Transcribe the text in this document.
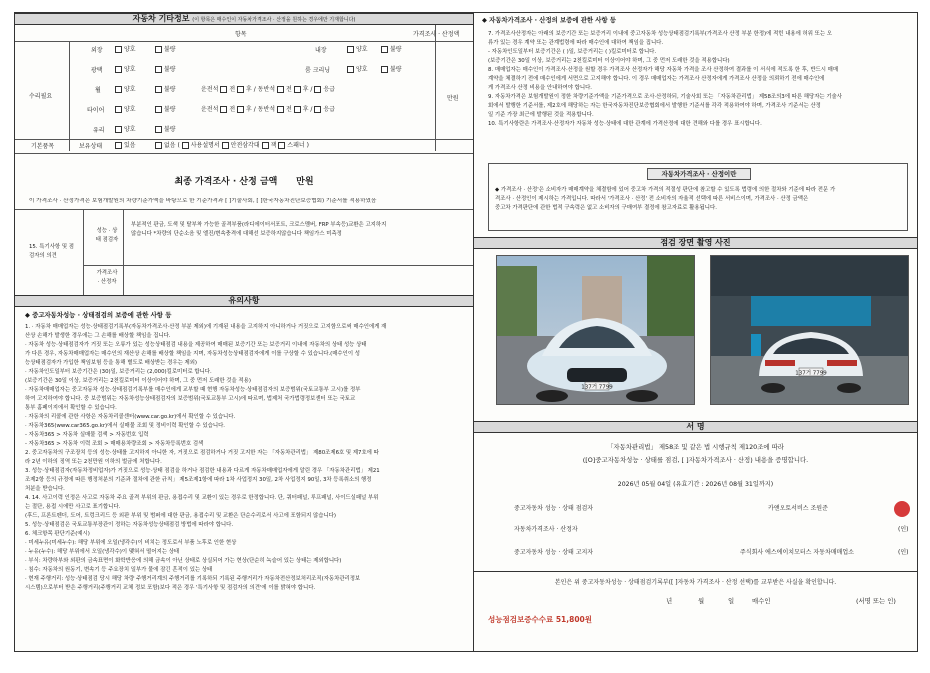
자동차 기타정보 (이 항목은 매수인이 자동차가격조사 · 산정을 원하는 경우에만 기재합니다)
항목	가격조사 · 산정액
수리필요	만원
외장	양호	불량	내장	양호	불량
광택	양호	불량	룸 크리닝	양호	불량
휠	양호	불량	운전석 전 후 / 동반석 전 후 / 응급
타이어	양호	불량	운전석 전 후 / 동반석 전 후 / 응급
유리	양호	불량
기본품목	보유상태	있음	없음 ( 사용설명서 안전삼각대 잭 스패너 )
최종 가격조사 · 산정 금액 만원
이 가격조사 · 산정가격은 보험개발원의 차량기준가액을 바탕으로 한 기준가격과 [ ]기술사회, [ ]한국자동차진단보증협회) 기준서를 적용하였음
15. 특기사항 및 점검자의 의견
성능 · 상태 점검자

부분적인 판금, 도색 및 탈부착 가능한 골격부품(라디에이터서포트, 크로스멤버, FRP 부속등)교환은 고지하지

않습니다 *차량의 단순소음 및 엘진/변속충격에 대해선 보증하지않습니다 책임가스 미측정

가격조사 · 산정자
유의사항
◆ 중고자동차성능 · 상태점검의 보증에 관한 사항 등

1. · 자동차 매매업자는 성능·상태점검기록부(자동차가격조사·산정 부분 제외)에 기재된 내용을 고지하지 아니하거나 거짓으로 고지함으로써 매수인에게 재

산상 손해가 발생한 경우에는 그 손해를 배상할 책임을 집니다.

· 자동차 성능·상태점검자가 거짓 또는 오류가 있는 성능상태점검 내용을 제공하여 매매된 보증기간 또는 보증거리 이내에 자동차의 상태 성능 상태

가 다른 경우, 자동차매매업자는 매수인의 재산상 손해를 배상할 책임을 지며, 자동차성능상태점검자에게 이를 구상할 수 있습니다.(매수인이 성

능상태점검자가 가입한 책임보험 등을 통해 별도로 배상받는 경우는 제외)

· 자동차인도일부터 보증기간은 (30)일, 보증거리는 (2,000)킬로미터로 합니다.

(보증기간은 30일 이상, 보증거리는 2천킬로미터 이상이어야 하며, 그 중 먼저 도래한 것을 적용)

· 자동차매매업자는 중고자동차 성능·상태점검기록부를 매수인에게 교부할 때 현행 자동차성능·상태점검자의 보증범위(국토교통부 고시)를 정부

하여 고지하여야 합니다. 중 보증범위는 자동차성능상태점검자의 보증범위(국토교통부 고시)에 따르며, 법제처 국가법령정보센터 또는 국토교

통부 홈페이지에서 확인할 수 있습니다.

· 자동차의 리콜에 관한 사항은 자동차리콜센터(www.car.go.kr)에서 확인할 수 있습니다.

· 자동차365(www.car365.go.kr)에서 실매물 조회 및 정비이력 확인할 수 있습니다.

- 자동차365 > 자동차 실매물 검색 > 자동번호 입력

- 자동차365 > 자동차 이력 조회 > 매매용차량조회 > 자동차등록번호 검색

2. 중고자동차의 구조장치 등의 성능·상태를 고지하지 아니한 자, 거짓으로 점검하거나 거짓 고지한 자는 「자동차관리법」 제80조제6호 및 제7호에 따

라 2년 이하의 징역 또는 2천만원 이하의 벌금에 처합니다.

3. 성능·상태점검자(자동차정비업자)가 거짓으로 성능·상태 점검을 하거나 점검한 내용과 다르게 자동차매매업자에게 알린 경우 「자동차관리법」 제21

조제2항 등의 규정에 따른 행정처분의 기준과 절차에 관한 규칙」 제5조제1항에 따라 1차 사업정지 30일, 2차 사업정지 90일, 3차 등록취소의 행정

처분을 받습니다.

4. 14. 사고이력 인정은 사고로 자동차 주요 골격 부위의 판금, 용접수리 및 교환이 있는 경우로 한정합니다. 단, 쿼터패널, 루프패널, 사이드실패널 부위

는 절단, 용접 시에만 사고로 표기합니다.

(후드, 프론트펜더, 도어, 트렁크리드 등 외판 부위 및 범퍼에 대한 판금, 용접수리 및 교환은 단순수리로서 사고에 포함되지 않습니다)

5. 성능·상태점검은 국토교통부장관이 정하는 자동차성능상태점검 방법에 따라야 합니다.

6. 체크항목 판단기준(예시)

· 미세누유(미세누수): 해당 부위에 오일(냉각수)이 비치는 정도로서 부품 노후로 인한 현상

· 누유(누수): 해당 부위에서 오일(냉각수)이 맺혀서 떨어지는 상태

· 부식: 차량하부와 외판의 금속표면이 화학반응에 의해 금속이 아닌 상태로 상실되어 가는 현상(단순히 녹슬어 있는 상태는 제외합니다)

· 침수: 자동차의 원동기, 변속기 등 주요장치 일부가 물에 잠긴 흔적이 있는 상태

· 현재 주행거리: 성능·상태점검 당시 해당 차량 주행거리계의 주행거리를 기록하되 기록된 주행거리가 자동차전산정보처리조직(자동차관리정보

시스템)으로부터 받은 주행거리(주행거리 교체 정보 포함)보다 적은 경우 '특기사항 및 점검자의 의견'에 이를 밝혀야 합니다.

◆ 자동차가격조사 · 산정의 보증에 관한 사항 등

7. 가격조사산정자는 아래의 보증기간 또는 보증거리 이내에 중고자동차 성능상태점검기록부(가격조사 산정 부분 한정)에 적힌 내용에 허위 또는 오

류가 있는 경우 계약 또는 관계법령에 따라 매수인에 대하여 책임을 집니다.

- 자동차인도일부터 보증기간은 ( )일, 보증거리는 ( )킬로미터로 합니다.

(보증기간은 30일 이상, 보증거리는 2천킬로미터 이상이어야 하며, 그 중 먼저 도래한 것을 적용합니다)

8. 매매업자는 매수인이 가격조사·산정을 원할 경우 가격조사 산정자가 해당 자동차 가격을 조사 산정하여 결과를 이 서식에 적도록 한 후, 반드시 매매

계약을 체결하기 전에 매수인에게 서면으로 고지해야 합니다. 이 경우 매매업자는 가격조사 산정자에게 가격조사 산정을 의뢰하기 전에 매수인에

게 가격조사 산정 비용을 안내하여야 합니다.

9. 자동차가격은 보험개발원이 정한 차량기준가액을 기준가격으로 조사·산정하되, 기술사회 또는 「자동차관리법」 제58조의3에 따른 해당자는 기술사

회에서 발행한 기준서를, 제2호에 해당하는 자는 한국자동차진단보증협회에서 발행한 기준서를 각각 적용하여야 하며, 가격조사 기준서는 산정

일 기준 가장 최근에 발행된 것을 적용합니다.

10. 특기사항란은 가격조사·산정자가 자동차 성능·상태에 대한 관계에 가격산정에 대한 견해와 다를 경우 표시합니다.

자동차가격조사 · 산정이란

◆ 가격조사 · 산정'은 소비자가 매매계약을 체결함에 있어 중고차 가격의 적절성 판단에 참고할 수 있도록 법령에 의한 절차와 기준에 따라 전문 가

격조사 · 산정인이 제시하는 가격입니다. 따라서 '가격조사 · 산정' 전 소비자의 자율적 선택에 따른 서비스이며, 가격조사 · 산정 금액은

중고차 가격판단에 관한 법적 구속력은 없고 소비자의 구매여부 결정에 참고자료로 활용됩니다.

점검 장면 촬영 사진
137거 7799
137거 7799
서 명
「자동차관리법」 제58조 및 같은 법 시행규칙 제120조에 따라
([O]중고자동차성능 · 상태를 점검, [ ]자동차가격조사 · 산정) 내용을 증명합니다.
2026년 05월 04일 (유효기간 : 2026년 08월 31일까지)
중고자동차 성능 · 상태 점검자	카앤오토서비스 조원준
자동차가격조사 · 산정자	(인)
중고자동차 성능 · 상태 고지자	주식회사 에스에이치모터스 자동차매매업소	(인)
본인은 위 중고자동차성능 · 상태점검기록부([ ]자동차 가격조사 · 산정 선택)를 교부받은 사실을 확인합니다.
년	월	일	매수인	(서명 또는 인)
성능점검보증수수료 51,800원
